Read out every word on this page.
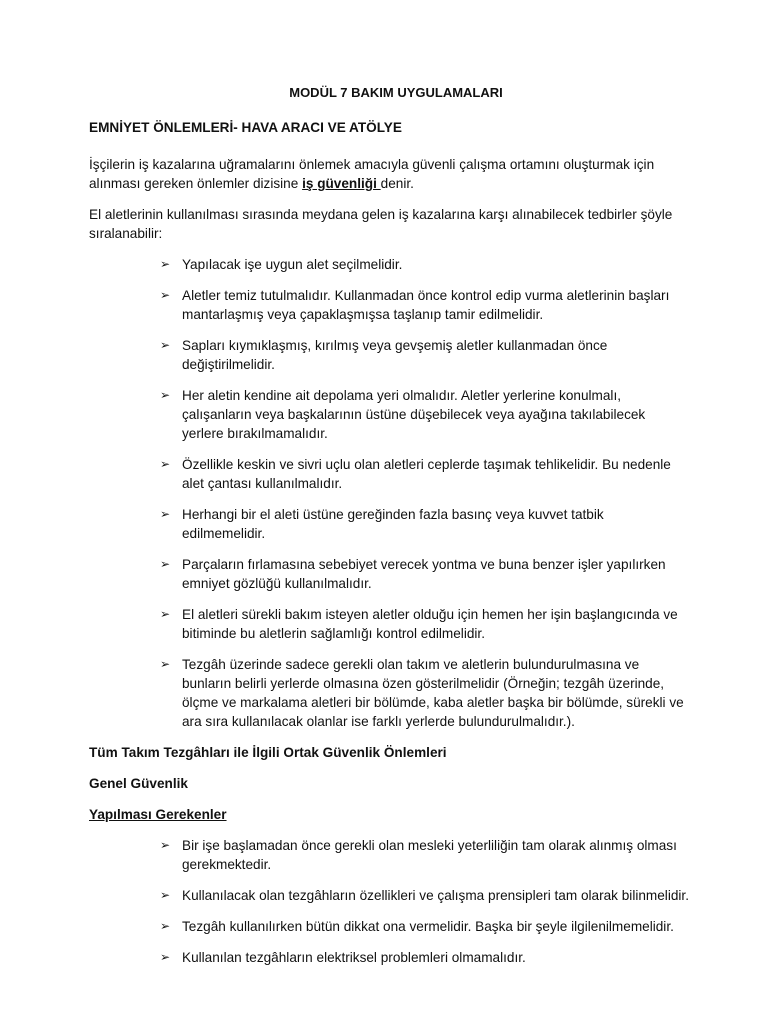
MODÜL 7 BAKIM UYGULAMALARI
EMNİYET ÖNLEMLERİ- HAVA ARACI VE ATÖLYE

İşçilerin iş kazalarına uğramalarını önlemek amacıyla güvenli çalışma ortamını oluşturmak için alınması gereken önlemler dizisine iş güvenliği denir.

El aletlerinin kullanılması sırasında meydana gelen iş kazalarına karşı alınabilecek tedbirler şöyle sıralanabilir:

➢ Yapılacak işe uygun alet seçilmelidir.
➢ Aletler temiz tutulmalıdır. Kullanmadan önce kontrol edip vurma aletlerinin başları mantarlaşmış veya çapaklaşmışsa taşlanıp tamir edilmelidir.
➢ Sapları kıymıklaşmış, kırılmış veya gevşemiş aletler kullanmadan önce değiştirilmelidir.
➢ Her aletin kendine ait depolama yeri olmalıdır. Aletler yerlerine konulmalı, çalışanların veya başkalarının üstüne düşebilecek veya ayağına takılabilecek yerlere bırakılmamalıdır.
➢ Özellikle keskin ve sivri uçlu olan aletleri ceplerde taşımak tehlikelidir. Bu nedenle alet çantası kullanılmalıdır.
➢ Herhangi bir el aleti üstüne gereğinden fazla basınç veya kuvvet tatbik edilmemelidir.
➢ Parçaların fırlamasına sebebiyet verecek yontma ve buna benzer işler yapılırken emniyet gözlüğü kullanılmalıdır.
➢ El aletleri sürekli bakım isteyen aletler olduğu için hemen her işin başlangıcında ve bitiminde bu aletlerin sağlamlığı kontrol edilmelidir.
➢ Tezgâh üzerinde sadece gerekli olan takım ve aletlerin bulundurulmasına ve bunların belirli yerlerde olmasına özen gösterilmelidir (Örneğin; tezgâh üzerinde, ölçme ve markalama aletleri bir bölümde, kaba aletler başka bir bölümde, sürekli ve ara sıra kullanılacak olanlar ise farklı yerlerde bulundurulmalıdır.).
Tüm Takım Tezgâhları ile İlgili Ortak Güvenlik Önlemleri
Genel Güvenlik
Yapılması Gerekenler
➢ Bir işe başlamadan önce gerekli olan mesleki yeterliliğin tam olarak alınmış olması gerekmektedir.
➢ Kullanılacak olan tezgâhların özellikleri ve çalışma prensipleri tam olarak bilinmelidir.
➢ Tezgâh kullanılırken bütün dikkat ona vermelidir. Başka bir şeyle ilgilenilmemelidir.
➢ Kullanılan tezgâhların elektriksel problemleri olmamalıdır.
